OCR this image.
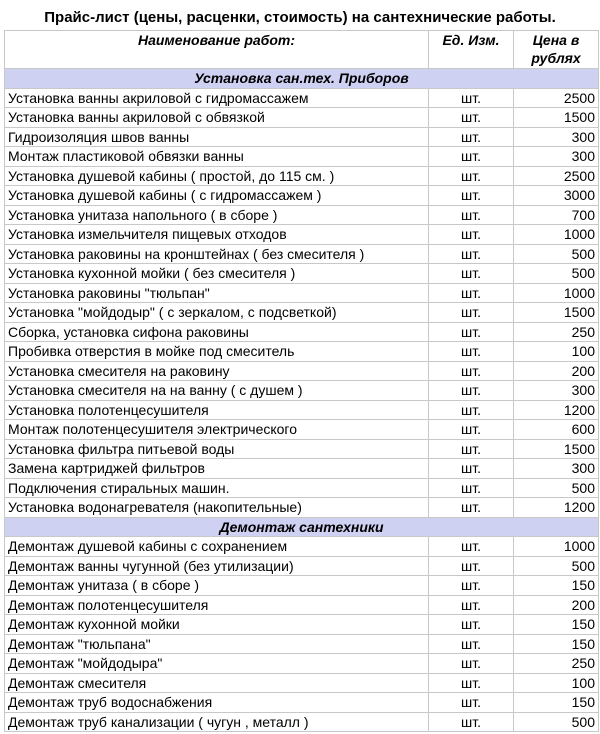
Прайс-лист (цены, расценки, стоимость) на сантехнические работы.
Наименование работ:	Ед. Изм.	Цена в
рублях
Установка сан.тех. Приборов		
Установка ванны акриловой с гидромассажем	шт.	2500
Установка ванны акриловой с обвязкой	шт.	1500
Гидроизоляция швов ванны	шт.	300
Монтаж пластиковой обвязки ванны	шт.	300
Установка душевой кабины ( простой, до 115 см. )	шт.	2500
Установка душевой кабины ( с гидромассажем )	шт.	3000
Установка унитаза напольного ( в сборе )	шт.	700
Установка измельчителя пищевых отходов	шт.	1000
Установка раковины на кронштейнах ( без смесителя )	шт.	500
Установка кухонной мойки ( без смесителя )	шт.	500
Установка раковины "тюльпан"	шт.	1000
Установка "мойдодыр" ( с зеркалом, с подсветкой)	шт.	1500
Сборка, установка сифона раковины	шт.	250
Пробивка отверстия в мойке под смеситель	шт.	100
Установка смесителя на раковину	шт.	200
Установка смесителя на на ванну ( с душем )	шт.	300
Установка полотенцесушителя	шт.	1200
Монтаж полотенцесушителя электрического	шт.	600
Установка фильтра питьевой воды	шт.	1500
Замена картриджей фильтров	шт.	300
Подключения стиральных машин.	шт.	500
Установка водонагревателя (накопительные)	шт.	1200
Демонтаж сантехники		
Демонтаж душевой кабины с сохранением	шт.	1000
Демонтаж ванны чугунной (без утилизации)	шт.	500
Демонтаж унитаза ( в сборе )	шт.	150
Демонтаж полотенцесушителя	шт.	200
Демонтаж кухонной мойки	шт.	150
Демонтаж "тюльпана"	шт.	150
Демонтаж "мойдодыра"	шт.	250
Демонтаж смесителя	шт.	100
Демонтаж труб водоснабжения	шт.	150
Демонтаж труб канализации ( чугун , металл )	шт.	500
